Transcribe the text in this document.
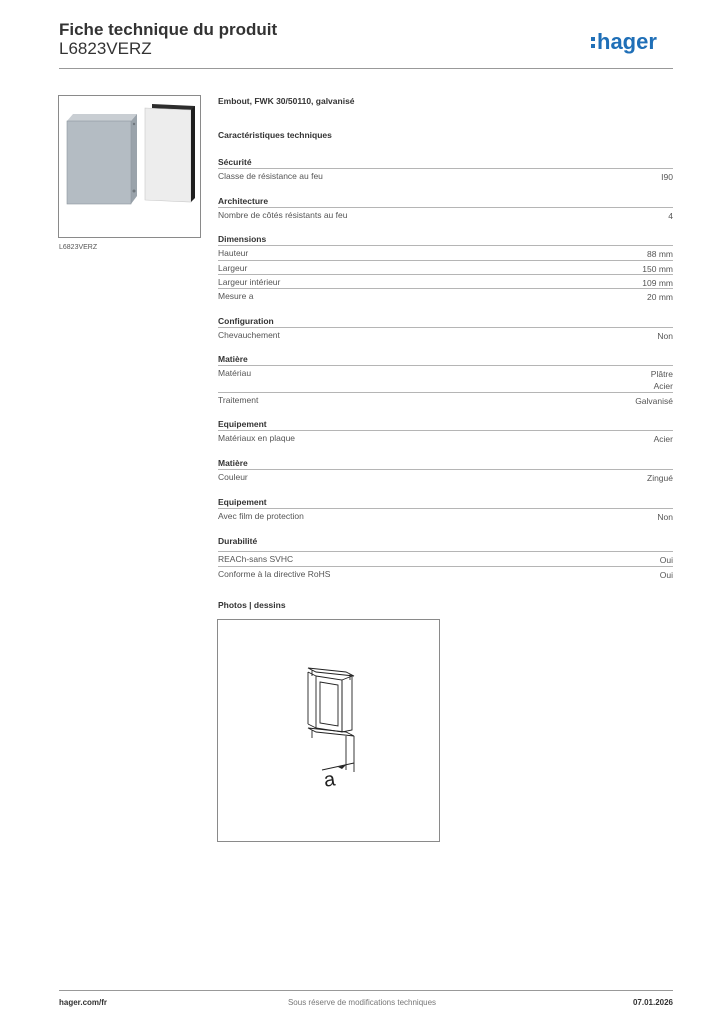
Fiche technique du produit
L6823VERZ	hager
L6823VERZ
Embout, FWK 30/50110, galvanisé
Caractéristiques techniques
Sécurité
Classe de résistance au feu	I90
Architecture
Nombre de côtés résistants au feu	4
Dimensions
Hauteur	88 mm
Largeur	150 mm
Largeur intérieur	109 mm
Mesure a	20 mm
Configuration
Chevauchement	Non
Matière
Matériau	Plâtre
Acier
Traitement	Galvanisé
Equipement
Matériaux en plaque	Acier
Matière
Couleur	Zingué
Equipement
Avec film de protection	Non
Durabilité
REACh-sans SVHC	Oui
Conforme à la directive RoHS	Oui
Photos | dessins
a
hager.com/fr	Sous réserve de modifications techniques	07.01.2026
